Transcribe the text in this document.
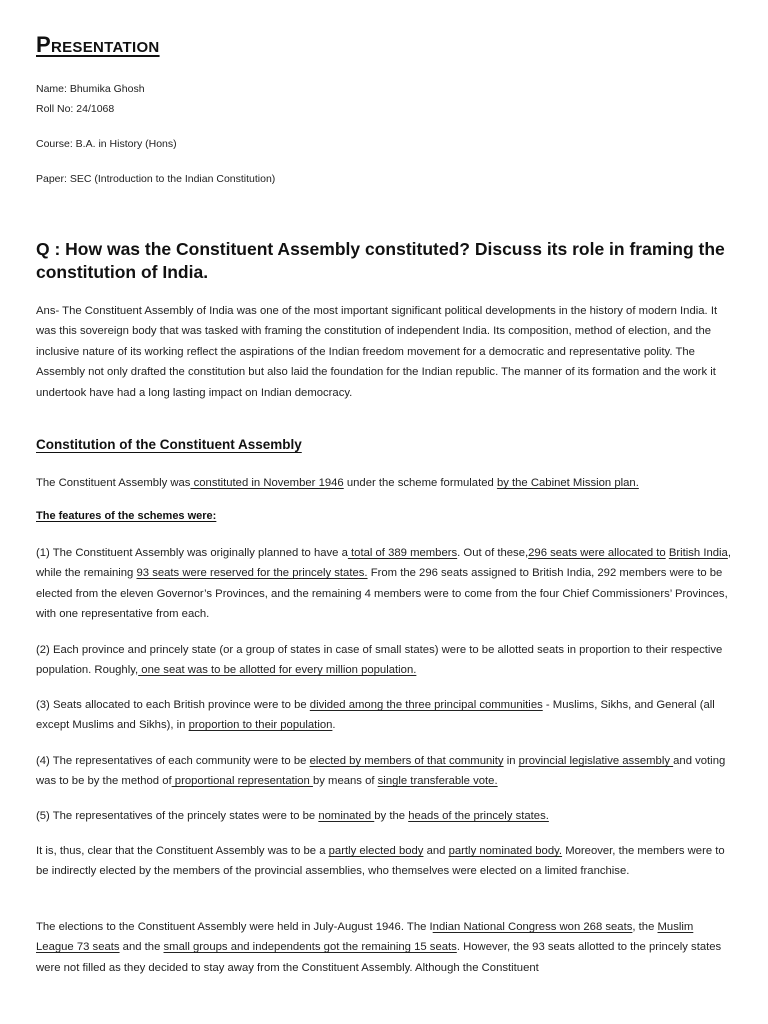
Presentation

Name: Bhumika Ghosh

Roll No: 24/1068

Course: B.A. in History (Hons)

Paper: SEC (Introduction to the Indian Constitution)

Q : How was the Constituent Assembly constituted? Discuss its role in framing the constitution of India.

Ans- The Constituent Assembly of India was one of the most important significant political developments in the history of modern India. It was this sovereign body that was tasked with framing the constitution of independent India. Its composition, method of election, and the inclusive nature of its working reflect the aspirations of the Indian freedom movement for a democratic and representative polity. The Assembly not only drafted the constitution but also laid the foundation for the Indian republic. The manner of its formation and the work it undertook have had a long lasting impact on Indian democracy.

Constitution of the Constituent Assembly

The Constituent Assembly was constituted in November 1946 under the scheme formulated by the Cabinet Mission plan.

The features of the schemes were:

(1) The Constituent Assembly was originally planned to have a total of 389 members. Out of these,296 seats were allocated to British India, while the remaining 93 seats were reserved for the princely states. From the 296 seats assigned to British India, 292 members were to be elected from the eleven Governor’s Provinces, and the remaining 4 members were to come from the four Chief Commissioners’ Provinces, with one representative from each.

(2) Each province and princely state (or a group of states in case of small states) were to be allotted seats in proportion to their respective population. Roughly, one seat was to be allotted for every million population.

(3) Seats allocated to each British province were to be divided among the three principal communities - Muslims, Sikhs, and General (all except Muslims and Sikhs), in proportion to their population.

(4) The representatives of each community were to be elected by members of that community in provincial legislative assembly and voting was to be by the method of proportional representation by means of single transferable vote.

(5) The representatives of the princely states were to be nominated by the heads of the princely states.

It is, thus, clear that the Constituent Assembly was to be a partly elected body and partly nominated body. Moreover, the members were to be indirectly elected by the members of the provincial assemblies, who themselves were elected on a limited franchise.

The elections to the Constituent Assembly were held in July-August 1946. The Indian National Congress won 268 seats, the Muslim League 73 seats and the small groups and independents got the remaining 15 seats. However, the 93 seats allotted to the princely states were not filled as they decided to stay away from the Constituent Assembly. Although the Constituent
